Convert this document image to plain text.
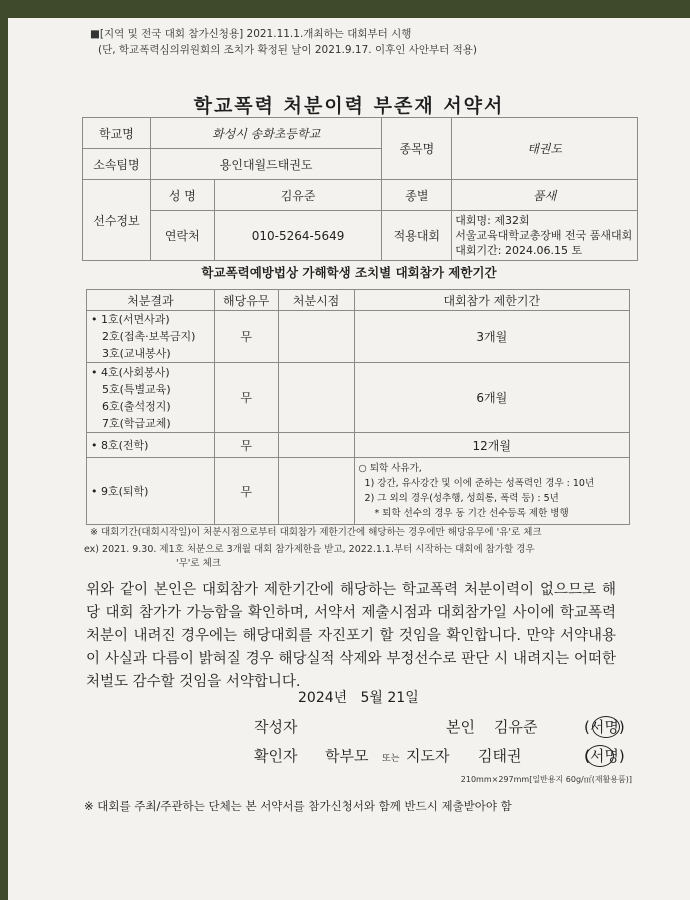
■[지역 및 전국 대회 참가신청용] 2021.11.1.개최하는 대회부터 시행
(단, 학교폭력심의위원회의 조치가 확정된 날이 2021.9.17. 이후인 사안부터 적용)
학교폭력 처분이력 부존재 서약서
학교명	화성시 송화초등학교		종목명	태권도
소속팀명	용인대월드태권도			
선수정보	성 명	김유준	종별	품새
	연락처	010-5264-5649	적용대회	대회명: 제32회
서울교육대학교총장배 전국 품새대회
대회기간: 2024.06.15 토
학교폭력예방법상 가해학생 조치별 대회참가 제한기간
처분결과	해당유무	처분시점	대회참가 제한기간

• 1호(서면사과)
2호(접촉·보복금지)
3호(교내봉사)	무		3개월

• 4호(사회봉사)
5호(특별교육)
6호(출석정지)
7호(학급교체)	무		6개월
• 8호(전학)	무		12개월
• 9호(퇴학)	무		○ 퇴학 사유가,
1) 강간, 유사강간 및 이에 준하는 성폭력인 경우 : 10년
2) 그 외의 경우(성추행, 성희롱, 폭력 등) : 5년
* 퇴학 선수의 경우 동 기간 선수등록 제한 병행
※ 대회기간(대회시작일)이 처분시점으로부터 대회참가 제한기간에 해당하는 경우에만 해당유무에 '유'로 체크
ex) 2021. 9.30. 제1호 처분으로 3개월 대회 참가제한을 받고, 2022.1.1.부터 시작하는 대회에 참가할 경우
'무'로 체크
위와 같이 본인은 대회참가 제한기간에 해당하는 학교폭력 처분이력이 없으므로 해당 대회 참가가 가능함을 확인하며, 서약서 제출시점과 대회참가일 사이에 학교폭력 처분이 내려진 경우에는 해당대회를 자진포기 할 것임을 확인합니다. 만약 서약내용이 사실과 다름이 밝혀질 경우 해당실적 삭제와 부정선수로 판단 시 내려지는 어떠한 처벌도 감수할 것임을 서약합니다.
2024년   5월 21일
작성자	본인 김유준	(서명)
확인자 학부모 또는 지도자 김태권	(서명)
210mm×297mm[일반용지 60g/㎡(재활용품)]
※ 대회를 주최/주관하는 단체는 본 서약서를 참가신청서와 함께 반드시 제출받아야 함
